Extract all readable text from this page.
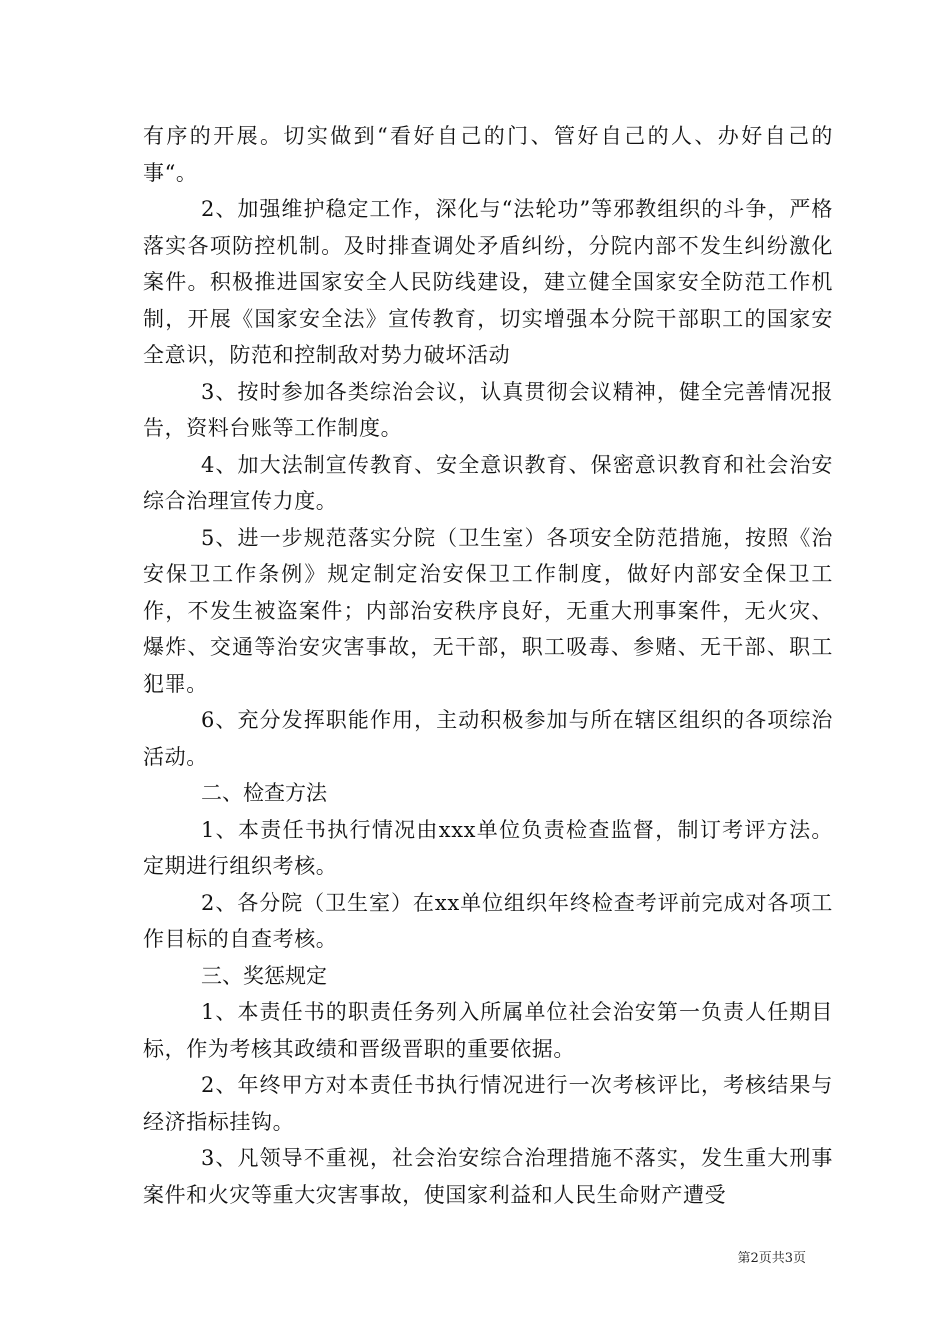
有序的开展。切实做到“看好自己的门、管好自己的人、办好自己的事“。

2、加强维护稳定工作，深化与“法轮功”等邪教组织的斗争，严格落实各项防控机制。及时排查调处矛盾纠纷，分院内部不发生纠纷激化案件。积极推进国家安全人民防线建设，建立健全国家安全防范工作机制，开展《国家安全法》宣传教育，切实增强本分院干部职工的国家安全意识，防范和控制敌对势力破坏活动

3、按时参加各类综治会议，认真贯彻会议精神，健全完善情况报告，资料台账等工作制度。

4、加大法制宣传教育、安全意识教育、保密意识教育和社会治安综合治理宣传力度。

5、进一步规范落实分院（卫生室）各项安全防范措施，按照《治安保卫工作条例》规定制定治安保卫工作制度，做好内部安全保卫工作，不发生被盗案件；内部治安秩序良好，无重大刑事案件，无火灾、爆炸、交通等治安灾害事故，无干部，职工吸毒、参赌、无干部、职工犯罪。

6、充分发挥职能作用，主动积极参加与所在辖区组织的各项综治活动。

二、检查方法

1、本责任书执行情况由xxx单位负责检查监督，制订考评方法。定期进行组织考核。

2、各分院（卫生室）在xx单位组织年终检查考评前完成对各项工作目标的自查考核。

三、奖惩规定

1、本责任书的职责任务列入所属单位社会治安第一负责人任期目标，作为考核其政绩和晋级晋职的重要依据。

2、年终甲方对本责任书执行情况进行一次考核评比，考核结果与经济指标挂钩。

3、凡领导不重视，社会治安综合治理措施不落实，发生重大刑事案件和火灾等重大灾害事故，使国家利益和人民生命财产遭受

第2页共3页
